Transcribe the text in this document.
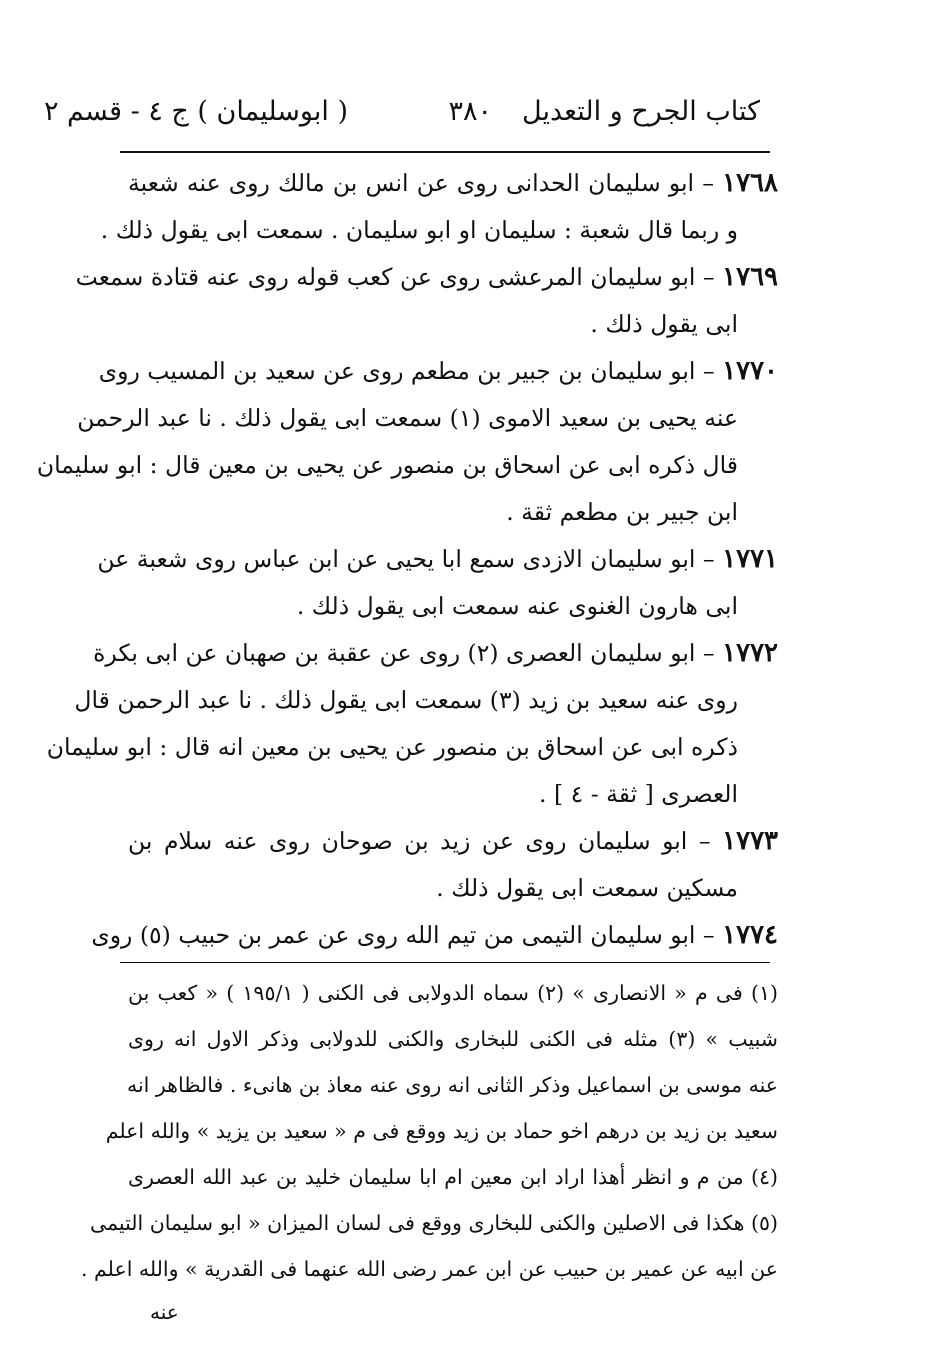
كتاب الجرح و التعديل
٣٨٠
( ابوسليمان ) ج ٤ - قسم ٢
١٧٦٨ – ابو سليمان الحدانى روى عن انس بن مالك روى عنه شعبة
و ربما قال شعبة : سليمان او ابو سليمان . سمعت ابى يقول ذلك .
١٧٦٩ – ابو سليمان المرعشى روى عن كعب قوله روى عنه قتادة سمعت
ابى يقول ذلك .
١٧٧٠ – ابو سليمان بن جبير بن مطعم روى عن سعيد بن المسيب روى
عنه يحيى بن سعيد الاموى (١) سمعت ابى يقول ذلك . نا عبد الرحمن
قال ذكره ابى عن اسحاق بن منصور عن يحيى بن معين قال : ابو سليمان
ابن جبير بن مطعم ثقة .
١٧٧١ – ابو سليمان الازدى سمع ابا يحيى عن ابن عباس روى شعبة عن
ابى هارون الغنوى عنه سمعت ابى يقول ذلك .
١٧٧٢ – ابو سليمان العصرى (٢) روى عن عقبة بن صهبان عن ابى بكرة
روى عنه سعيد بن زيد (٣) سمعت ابى يقول ذلك . نا عبد الرحمن قال
ذكره ابى عن اسحاق بن منصور عن يحيى بن معين انه قال : ابو سليمان
العصرى [ ثقة - ٤ ] .
١٧٧٣ – ابو سليمان روى عن زيد بن صوحان روى عنه سلام بن
مسكين سمعت ابى يقول ذلك .
١٧٧٤ – ابو سليمان التيمى من تيم الله روى عن عمر بن حبيب (٥) روى
(١) فى م « الانصارى » (٢) سماه الدولابى فى الكنى ( ١٩٥/١ ) « كعب بن
شبيب » (٣) مثله فى الكنى للبخارى والكنى للدولابى وذكر الاول انه روى
عنه موسى بن اسماعيل وذكر الثانى انه روى عنه معاذ بن هانىء . فالظاهر انه
سعيد بن زيد بن درهم اخو حماد بن زيد ووقع فى م « سعيد بن يزيد » والله اعلم
(٤) من م و انظر أهذا اراد ابن معين ام ابا سليمان خليد بن عبد الله العصرى
(٥) هكذا فى الاصلين والكنى للبخارى ووقع فى لسان الميزان « ابو سليمان التيمى
عن ابيه عن عمير بن حبيب عن ابن عمر رضى الله عنهما فى القدرية » والله اعلم .
عنه
